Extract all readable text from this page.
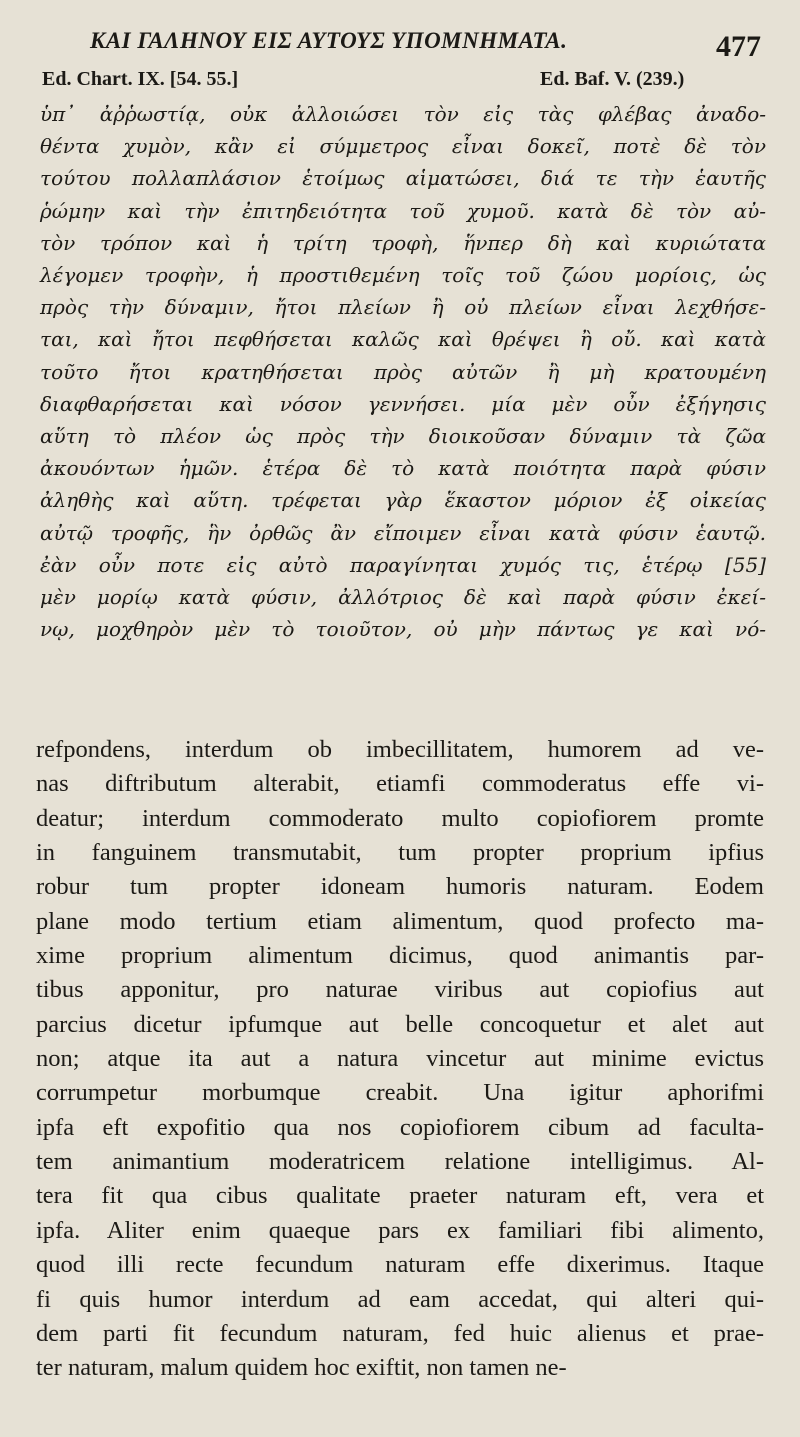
ΚΑΙ ΓΑΛΗΝΟΥ ΕΙΣ ΑΥΤΟΥΣ ΥΠΟΜΝΗΜΑΤΑ.	477
Ed. Chart. IX. [54. 55.]	Ed. Baf. V. (239.)
ὑπ᾽ ἀῤῥωστίᾳ, οὐκ ἀλλοιώσει τὸν εἰς τὰς φλέβας ἀναδο-
θέντα χυμὸν, κἂν εἰ σύμμετρος εἶναι δοκεῖ, ποτὲ δὲ τὸν
τούτου πολλαπλάσιον ἑτοίμως αἱματώσει, διά τε τὴν ἑαυτῆς
ῥώμην καὶ τὴν ἐπιτηδειότητα τοῦ χυμοῦ. κατὰ δὲ τὸν αὐ-
τὸν τρόπον καὶ ἡ τρίτη τροφὴ, ἥνπερ δὴ καὶ κυριώτατα
λέγομεν τροφὴν, ἡ προστιθεμένη τοῖς τοῦ ζώου μορίοις, ὡς
πρὸς τὴν δύναμιν, ἤτοι πλείων ἢ οὐ πλείων εἶναι λεχθήσε-
ται, καὶ ἤτοι πεφθήσεται καλῶς καὶ θρέψει ἢ οὔ. καὶ κατὰ
τοῦτο ἤτοι κρατηθήσεται πρὸς αὐτῶν ἢ μὴ κρατουμένη
διαφθαρήσεται καὶ νόσον γεννήσει. μία μὲν οὖν ἐξήγησις
αὕτη τὸ πλέον ὡς πρὸς τὴν διοικοῦσαν δύναμιν τὰ ζῶα
ἀκουόντων ἡμῶν. ἑτέρα δὲ τὸ κατὰ ποιότητα παρὰ φύσιν
ἀληθὴς καὶ αὕτη. τρέφεται γὰρ ἕκαστον μόριον ἐξ οἰκείας
αὐτῷ τροφῆς, ἣν ὀρθῶς ἂν εἴποιμεν εἶναι κατὰ φύσιν ἑαυτῷ.
ἐὰν οὖν ποτε εἰς αὐτὸ παραγίνηται χυμός τις, ἑτέρῳ [55]
μὲν μορίῳ κατὰ φύσιν, ἀλλότριος δὲ καὶ παρὰ φύσιν ἐκεί-
νῳ, μοχθηρὸν μὲν τὸ τοιοῦτον, οὐ μὴν πάντως γε καὶ νό-
refpondens, interdum ob imbecillitatem, humorem ad ve-
nas diftributum alterabit, etiamfi commoderatus effe vi-
deatur; interdum commoderato multo copiofiorem promte
in fanguinem transmutabit, tum propter proprium ipfius
robur tum propter idoneam humoris naturam. Eodem
plane modo tertium etiam alimentum, quod profecto ma-
xime proprium alimentum dicimus, quod animantis par-
tibus apponitur, pro naturae viribus aut copiofius aut
parcius dicetur ipfumque aut belle concoquetur et alet aut
non; atque ita aut a natura vincetur aut minime evictus
corrumpetur morbumque creabit. Una igitur aphorifmi
ipfa eft expofitio qua nos copiofiorem cibum ad faculta-
tem animantium moderatricem relatione intelligimus. Al-
tera fit qua cibus qualitate praeter naturam eft, vera et
ipfa. Aliter enim quaeque pars ex familiari fibi alimento,
quod illi recte fecundum naturam effe dixerimus. Itaque
fi quis humor interdum ad eam accedat, qui alteri qui-
dem parti fit fecundum naturam, fed huic alienus et prae-
ter naturam, malum quidem hoc exiftit, non tamen ne-
